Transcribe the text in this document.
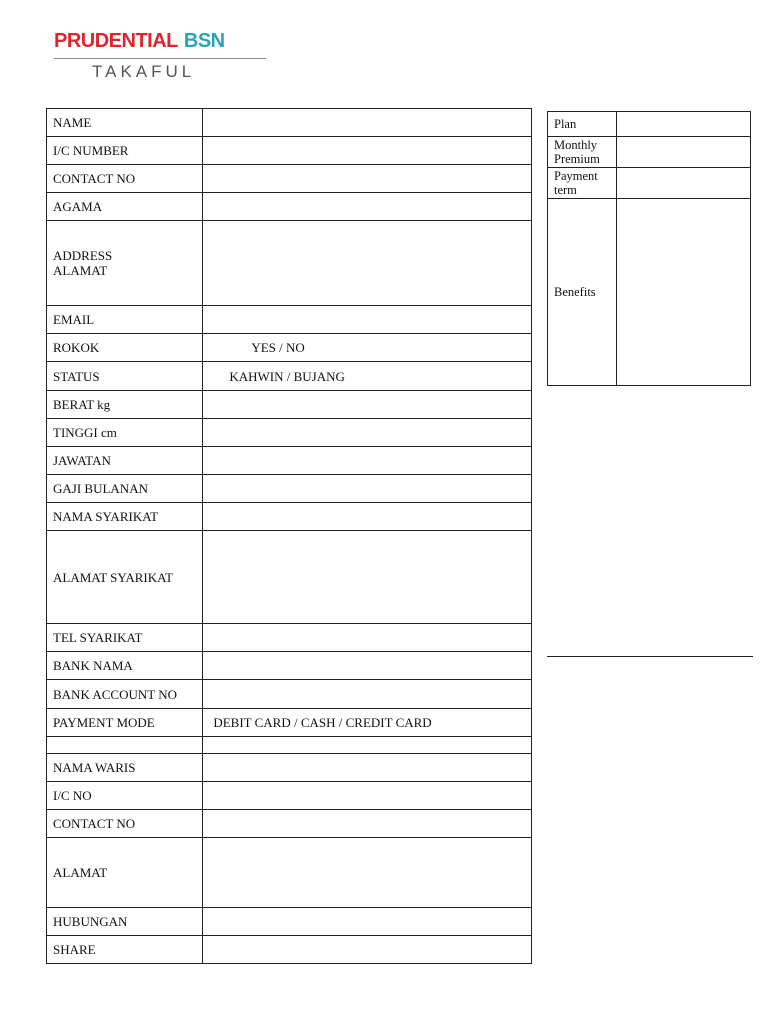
PRUDENTIAL BSN
TAKAFUL
NAME	
I/C NUMBER	
CONTACT NO	
AGAMA	
ADDRESS
ALAMAT	
EMAIL	
ROKOK	YES / NO
STATUS	KAHWIN / BUJANG
BERAT kg	
TINGGI cm	
JAWATAN	
GAJI BULANAN	
NAMA SYARIKAT	
ALAMAT SYARIKAT	
TEL SYARIKAT	
BANK NAMA	
BANK ACCOUNT NO	
PAYMENT MODE	DEBIT CARD / CASH / CREDIT CARD

NAMA WARIS	
I/C NO	
CONTACT NO	
ALAMAT	
HUBUNGAN	
SHARE	
Plan	
Monthly Premium	
Payment term	
Benefits	
